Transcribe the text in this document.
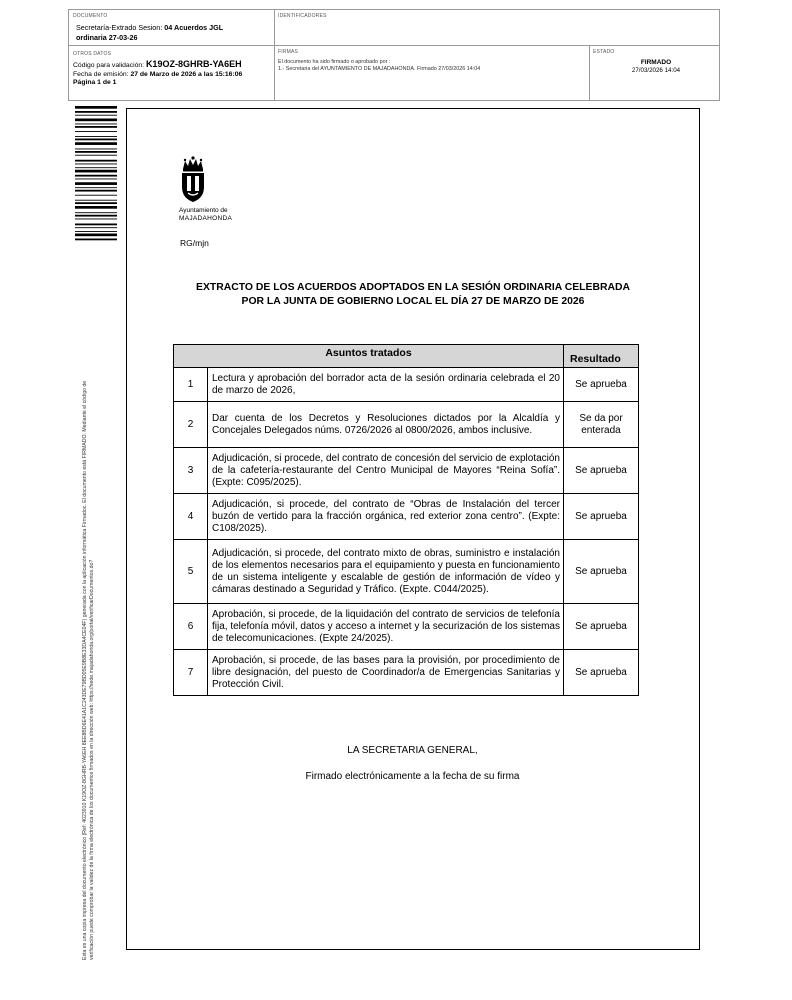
DOCUMENTO
Secretaría-Extrado Sesion: 04 Acuerdos JGL
ordinaria 27-03-26
IDENTIFICADORES
OTROS DATOS
Código para validación: K19OZ-8GHRB-YA6EH
Fecha de emisión: 27 de Marzo de 2026 a las 15:16:06
Página 1 de 1
FIRMAS
El documento ha sido firmado o aprobado por :
1.- Secretaria del AYUNTAMIENTO DE MAJADAHONDA. Firmado 27/03/2026 14:04
ESTADO
FIRMADO
27/03/2026 14:04
Esta es una copia impresa del documento electrónico (Ref: 4023910 K19OZ-8GHRB-YA6EH 8EE8BD6E41A1C243DE79BD05E9B8E33DA4CE04F) generada con la aplicación informática Firmadoc. El documento está FIRMADO. Mediante el código de verificación puede comprobar la validez de la firma electrónica de los documentos firmados en la dirección web: https://sede.majadahonda.org/portal/verificarDocumentos.do?
Ayuntamiento de
MAJADAHONDA
RG/mjn
EXTRACTO DE LOS ACUERDOS ADOPTADOS EN LA SESIÓN ORDINARIA CELEBRADA
POR LA JUNTA DE GOBIERNO LOCAL EL DÍA 27 DE MARZO DE 2026
Asuntos tratados		Resultado
1	Lectura y aprobación del borrador acta de la sesión ordinaria celebrada el 20 de marzo de 2026,	Se aprueba
2	Dar cuenta de los Decretos y Resoluciones dictados por la Alcaldía y Concejales Delegados núms. 0726/2026 al 0800/2026, ambos inclusive.	Se da por enterada
3	Adjudicación, si procede, del contrato de concesión del servicio de explotación de la cafetería-restaurante del Centro Municipal de Mayores “Reina Sofía”. (Expte: C095/2025).	Se aprueba
4	Adjudicación, si procede, del contrato de “Obras de Instalación del tercer buzón de vertido para la fracción orgánica, red exterior zona centro”. (Expte: C108/2025).	Se aprueba
5	Adjudicación, si procede, del contrato mixto de obras, suministro e instalación de los elementos necesarios para el equipamiento y puesta en funcionamiento de un sistema inteligente y escalable de gestión de información de vídeo y cámaras destinado a Seguridad y Tráfico. (Expte. C044/2025).	Se aprueba
6	Aprobación, si procede, de la liquidación del contrato de servicios de telefonía fija, telefonía móvil, datos y acceso a internet y la securización de los sistemas de telecomunicaciones. (Expte 24/2025).	Se aprueba
7	Aprobación, si procede, de las bases para la provisión, por procedimiento de libre designación, del puesto de Coordinador/a de Emergencias Sanitarias y Protección Civil.	Se aprueba
LA SECRETARIA GENERAL,
Firmado electrónicamente a la fecha de su firma
